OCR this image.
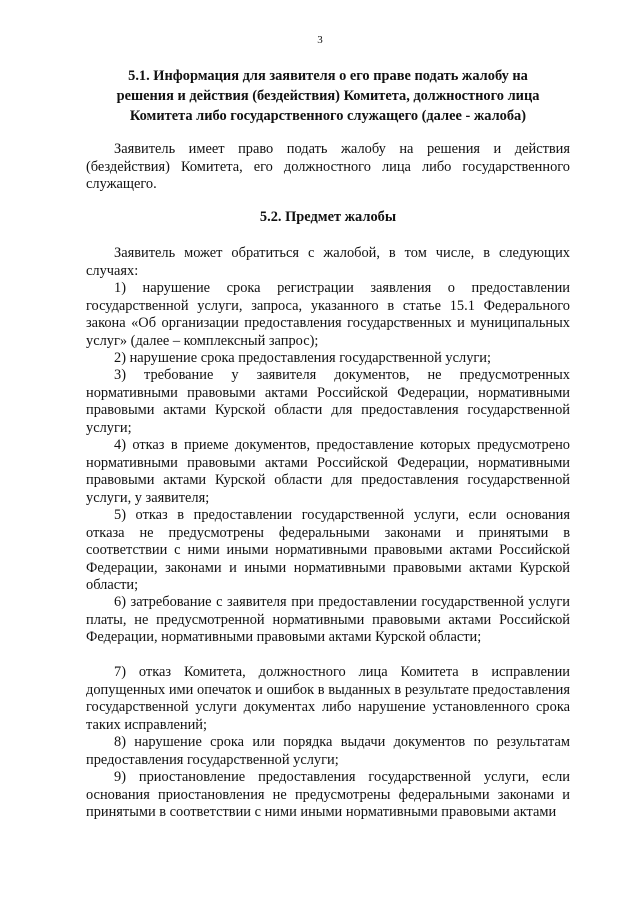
3
5.1. Информация для заявителя о его праве подать жалобу на
решения и действия (бездействия) Комитета, должностного лица
Комитета либо государственного служащего (далее - жалоба)

Заявитель имеет право подать жалобу на решения и действия (бездействия) Комитета, его должностного лица либо государственного служащего.

5.2. Предмет жалобы

Заявитель может обратиться с жалобой, в том числе, в следующих случаях:

1) нарушение срока регистрации заявления о предоставлении государственной услуги, запроса, указанного в статье 15.1 Федерального закона «Об организации предоставления государственных и муниципальных услуг» (далее – комплексный запрос);

2) нарушение срока предоставления государственной услуги;

3) требование у заявителя документов, не предусмотренных нормативными правовыми актами Российской Федерации, нормативными правовыми актами Курской области для предоставления государственной услуги;

4) отказ в приеме документов, предоставление которых предусмотрено нормативными правовыми актами Российской Федерации, нормативными правовыми актами Курской области для предоставления государственной услуги, у заявителя;

5) отказ в предоставлении государственной услуги, если основания отказа не предусмотрены федеральными законами и принятыми в соответствии с ними иными нормативными правовыми актами Российской Федерации, законами и иными нормативными правовыми актами Курской области;

6) затребование с заявителя при предоставлении государственной услуги платы, не предусмотренной нормативными правовыми актами Российской Федерации, нормативными правовыми актами Курской области;

7) отказ Комитета, должностного лица Комитета в исправлении допущенных ими опечаток и ошибок в выданных в результате предоставления государственной услуги документах либо нарушение установленного срока таких исправлений;

8) нарушение срока или порядка выдачи документов по результатам предоставления государственной услуги;

9) приостановление предоставления государственной услуги, если основания приостановления не предусмотрены федеральными законами и принятыми в соответствии с ними иными нормативными правовыми актами
